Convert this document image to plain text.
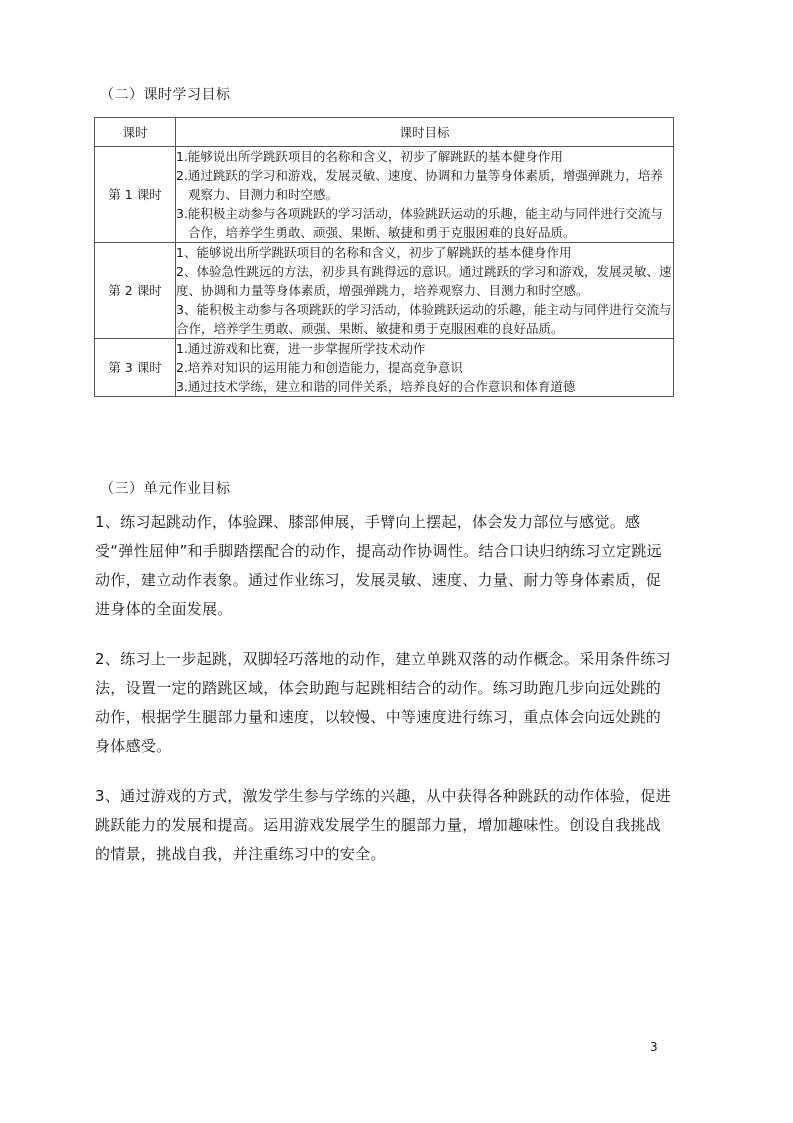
（二）课时学习目标
课时	课时目标
第 1 课时	1.能够说出所学跳跃项目的名称和含义，初步了解跳跃的基本健身作用
2.通过跳跃的学习和游戏，发展灵敏、速度、协调和力量等身体素质，增强弹跳力，培养观察力、目测力和时空感。
3.能积极主动参与各项跳跃的学习活动，体验跳跃运动的乐趣，能主动与同伴进行交流与合作，培养学生勇敢、顽强、果断、敏捷和勇于克服困难的良好品质。

第 2 课时	1、能够说出所学跳跃项目的名称和含义，初步了解跳跃的基本健身作用
2、体验急性跳远的方法，初步具有跳得远的意识。通过跳跃的学习和游戏，发展灵敏、速度、协调和力量等身体素质，增强弹跳力，培养观察力、目测力和时空感。
3、能积极主动参与各项跳跃的学习活动，体验跳跃运动的乐趣，能主动与同伴进行交流与合作，培养学生勇敢、顽强、果断、敏捷和勇于克服困难的良好品质。

第 3 课时	1.通过游戏和比赛，进一步掌握所学技术动作
2.培养对知识的运用能力和创造能力，提高竞争意识
3.通过技术学练，建立和谐的同伴关系，培养良好的合作意识和体育道德
（三）单元作业目标
1、练习起跳动作，体验踝、膝部伸展，手臂向上摆起，体会发力部位与感觉。感受“弹性屈伸”和手脚踏摆配合的动作，提高动作协调性。结合口诀归纳练习立定跳远动作，建立动作表象。通过作业练习，发展灵敏、速度、力量、耐力等身体素质，促进身体的全面发展。
2、练习上一步起跳，双脚轻巧落地的动作，建立单跳双落的动作概念。采用条件练习法，设置一定的踏跳区域，体会助跑与起跳相结合的动作。练习助跑几步向远处跳的动作，根据学生腿部力量和速度，以较慢、中等速度进行练习，重点体会向远处跳的身体感受。
3、通过游戏的方式，激发学生参与学练的兴趣，从中获得各种跳跃的动作体验，促进跳跃能力的发展和提高。运用游戏发展学生的腿部力量，增加趣味性。创设自我挑战的情景，挑战自我，并注重练习中的安全。
3
